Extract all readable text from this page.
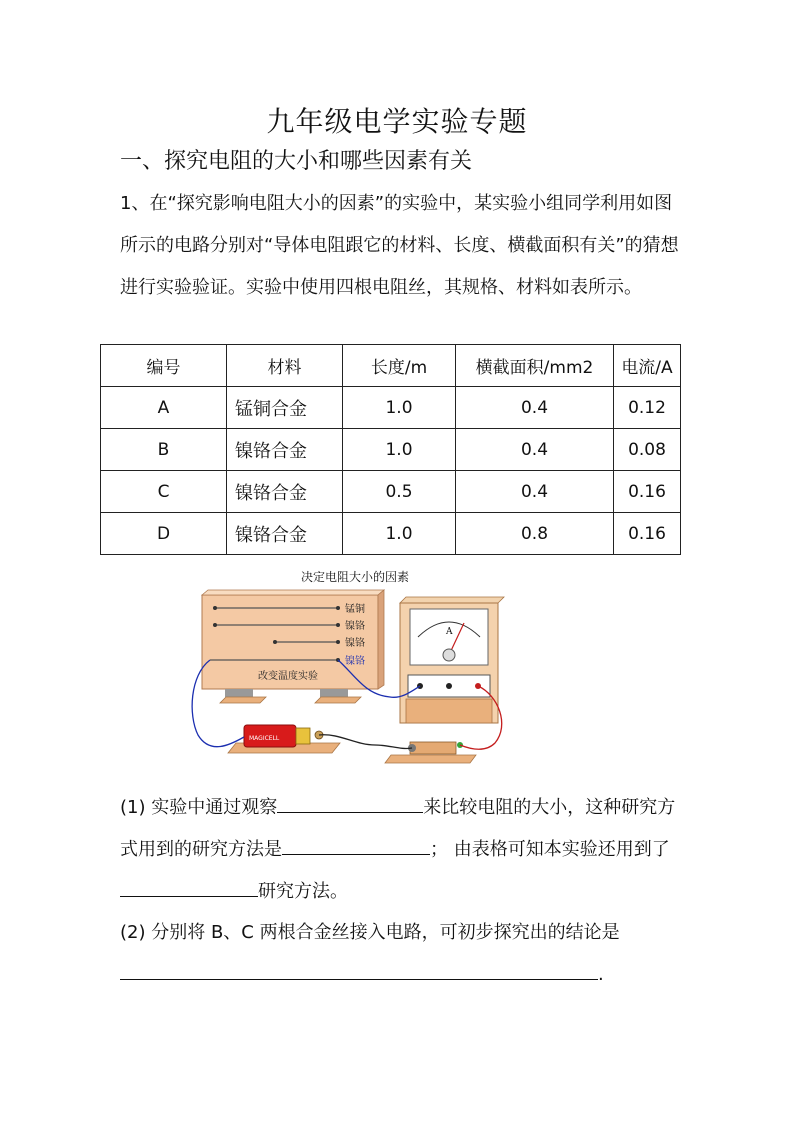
九年级电学实验专题
一、探究电阻的大小和哪些因素有关
1、在“探究影响电阻大小的因素”的实验中，某实验小组同学利用如图所示的电路分别对“导体电阻跟它的材料、长度、横截面积有关”的猜想进行实验验证。实验中使用四根电阻丝，其规格、材料如表所示。
编号	材料	长度/m	横截面积/mm2	电流/A
A	锰铜合金	1.0	0.4	0.12
B	镍铬合金	1.0	0.4	0.08
C	镍铬合金	0.5	0.4	0.16
D	镍铬合金	1.0	0.8	0.16
决定电阻大小的因素
锰铜
镍铬
镍铬
镍铬
改变温度实验
A
MAGICELL
(1) 实验中通过观察	来比较电阻的大小，这种研究方式用到的研究方法是	； 由表格可知本实验还用到了研究方法。
(2) 分别将 B、C 两根合金丝接入电路，可初步探究出的结论是.
